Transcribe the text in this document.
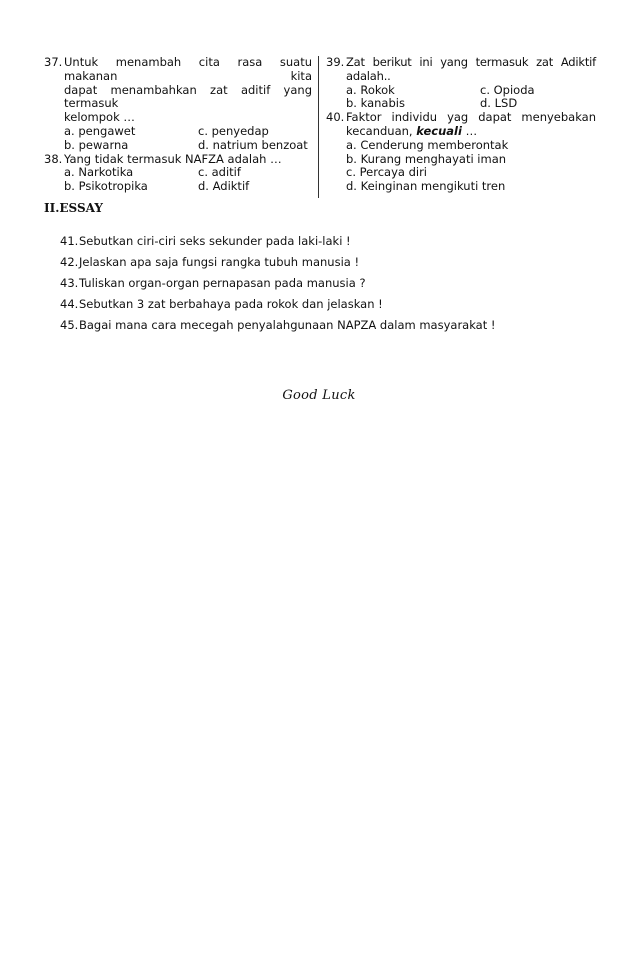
37. Untuk menambah cita rasa suatu makanan kita
dapat menambahkan zat aditif yang termasuk
kelompok …
a. pengawet	c. penyedap
b. pewarna	d. natrium benzoat
38. Yang tidak termasuk NAFZA adalah …
a. Narkotika	c. aditif
b. Psikotropika	d. Adiktif
39. Zat berikut ini yang termasuk zat Adiktif adalah..
a. Rokok	c. Opioda
b. kanabis	d. LSD
40. Faktor individu yag dapat menyebakan
kecanduan, kecuali …
a. Cenderung memberontak
b. Kurang menghayati iman
c. Percaya diri
d. Keinginan mengikuti tren
II.ESSAY
41. Sebutkan ciri-ciri seks sekunder pada laki-laki !
42. Jelaskan apa saja fungsi rangka tubuh manusia !
43. Tuliskan organ-organ pernapasan pada manusia ?
44. Sebutkan 3 zat berbahaya pada rokok dan jelaskan !
45. Bagai mana cara mecegah penyalahgunaan NAPZA dalam masyarakat !
Good Luck
